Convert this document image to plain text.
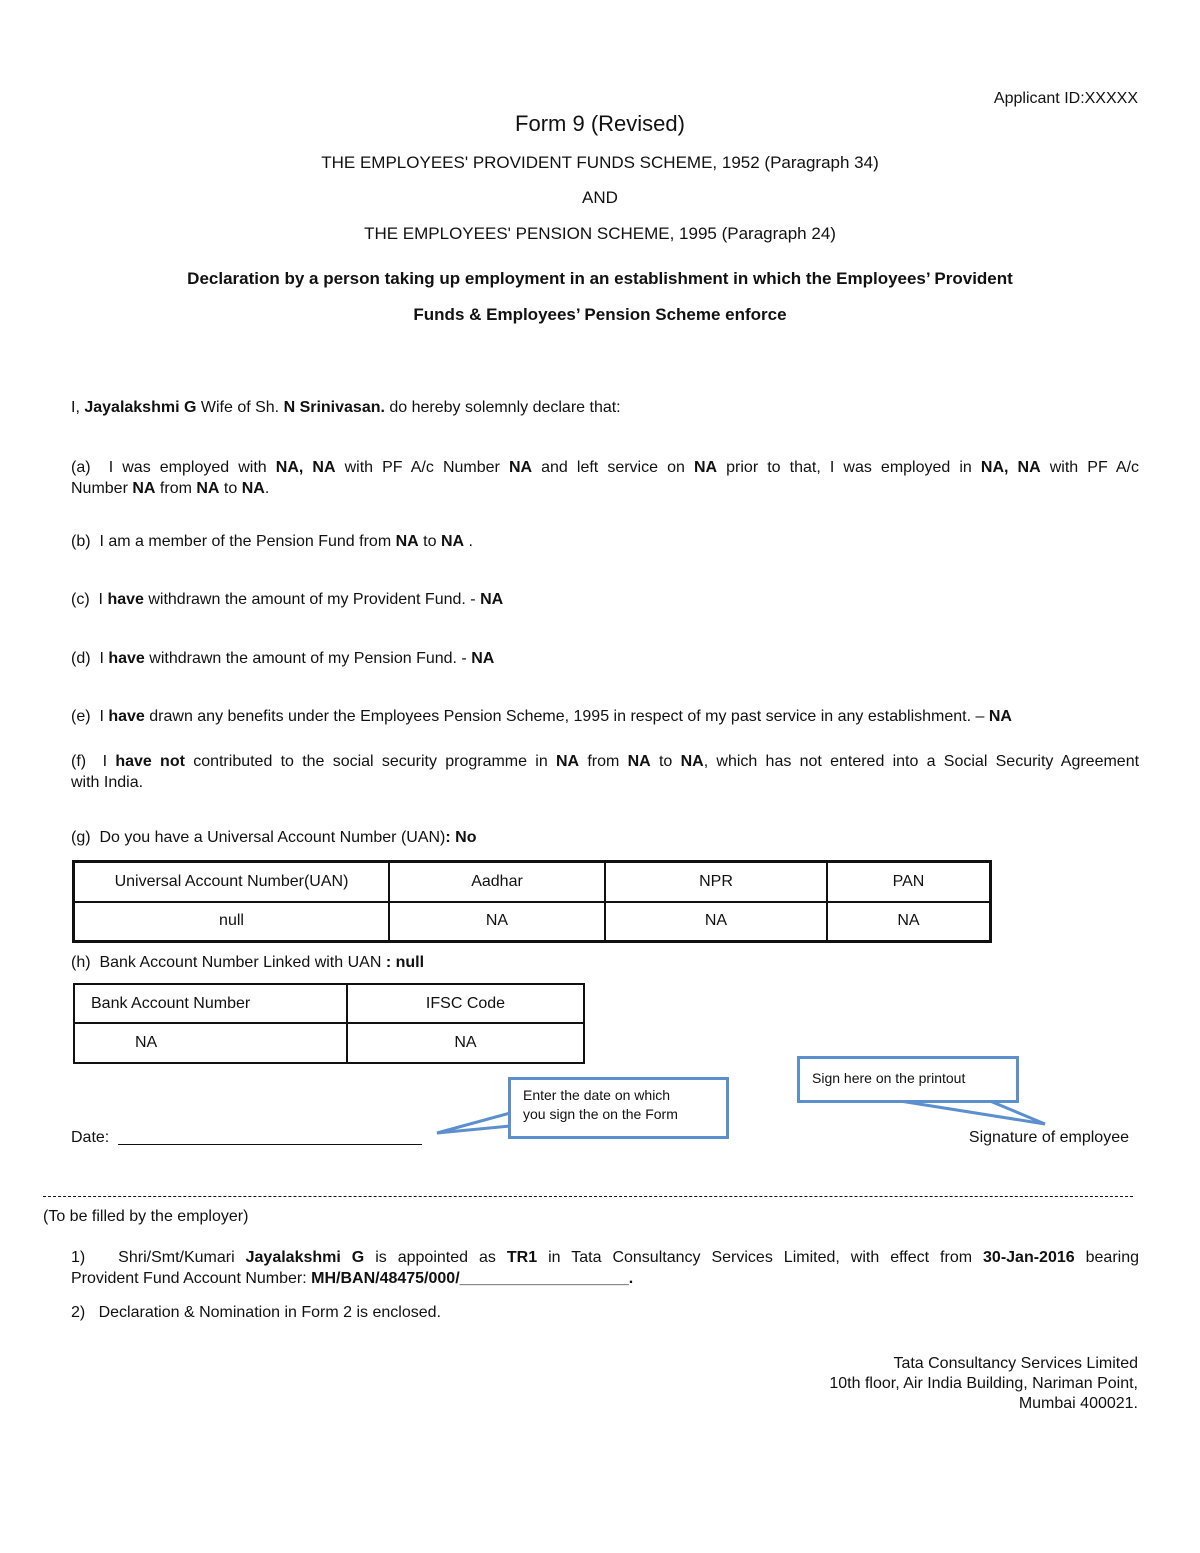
Applicant ID:XXXXX
Form 9 (Revised)
THE EMPLOYEES' PROVIDENT FUNDS SCHEME, 1952 (Paragraph 34)
AND
THE EMPLOYEES' PENSION SCHEME, 1995 (Paragraph 24)
Declaration by a person taking up employment in an establishment in which the Employees’ Provident
Funds & Employees’ Pension Scheme enforce
I, Jayalakshmi G Wife of Sh. N Srinivasan. do hereby solemnly declare that:
(a) I was employed with NA, NA with PF A/c Number NA and left service on NA prior to that, I was employed in NA, NA with PF A/c
Number NA from NA to NA.
(b) I am a member of the Pension Fund from NA to NA .
(c) I have withdrawn the amount of my Provident Fund. - NA
(d) I have withdrawn the amount of my Pension Fund. - NA
(e) I have drawn any benefits under the Employees Pension Scheme, 1995 in respect of my past service in any establishment. – NA
(f) I have not contributed to the social security programme in NA from NA to NA, which has not entered into a Social Security Agreement
with India.
(g) Do you have a Universal Account Number (UAN): No
Universal Account Number(UAN)	Aadhar	NPR	PAN
null	NA	NA	NA
(h) Bank Account Number Linked with UAN : null
Bank Account Number	IFSC Code
NA	NA
Enter the date on which
you sign the on the Form
Sign here on the printout
Date:	Signature of employee
(To be filled by the employer)
1) Shri/Smt/Kumari Jayalakshmi G is appointed as TR1 in Tata Consultancy Services Limited, with effect from 30-Jan-2016 bearing
Provident Fund Account Number: MH/BAN/48475/000/___________________.
2) Declaration & Nomination in Form 2 is enclosed.
Tata Consultancy Services Limited
10th floor, Air India Building, Nariman Point,
Mumbai 400021.
